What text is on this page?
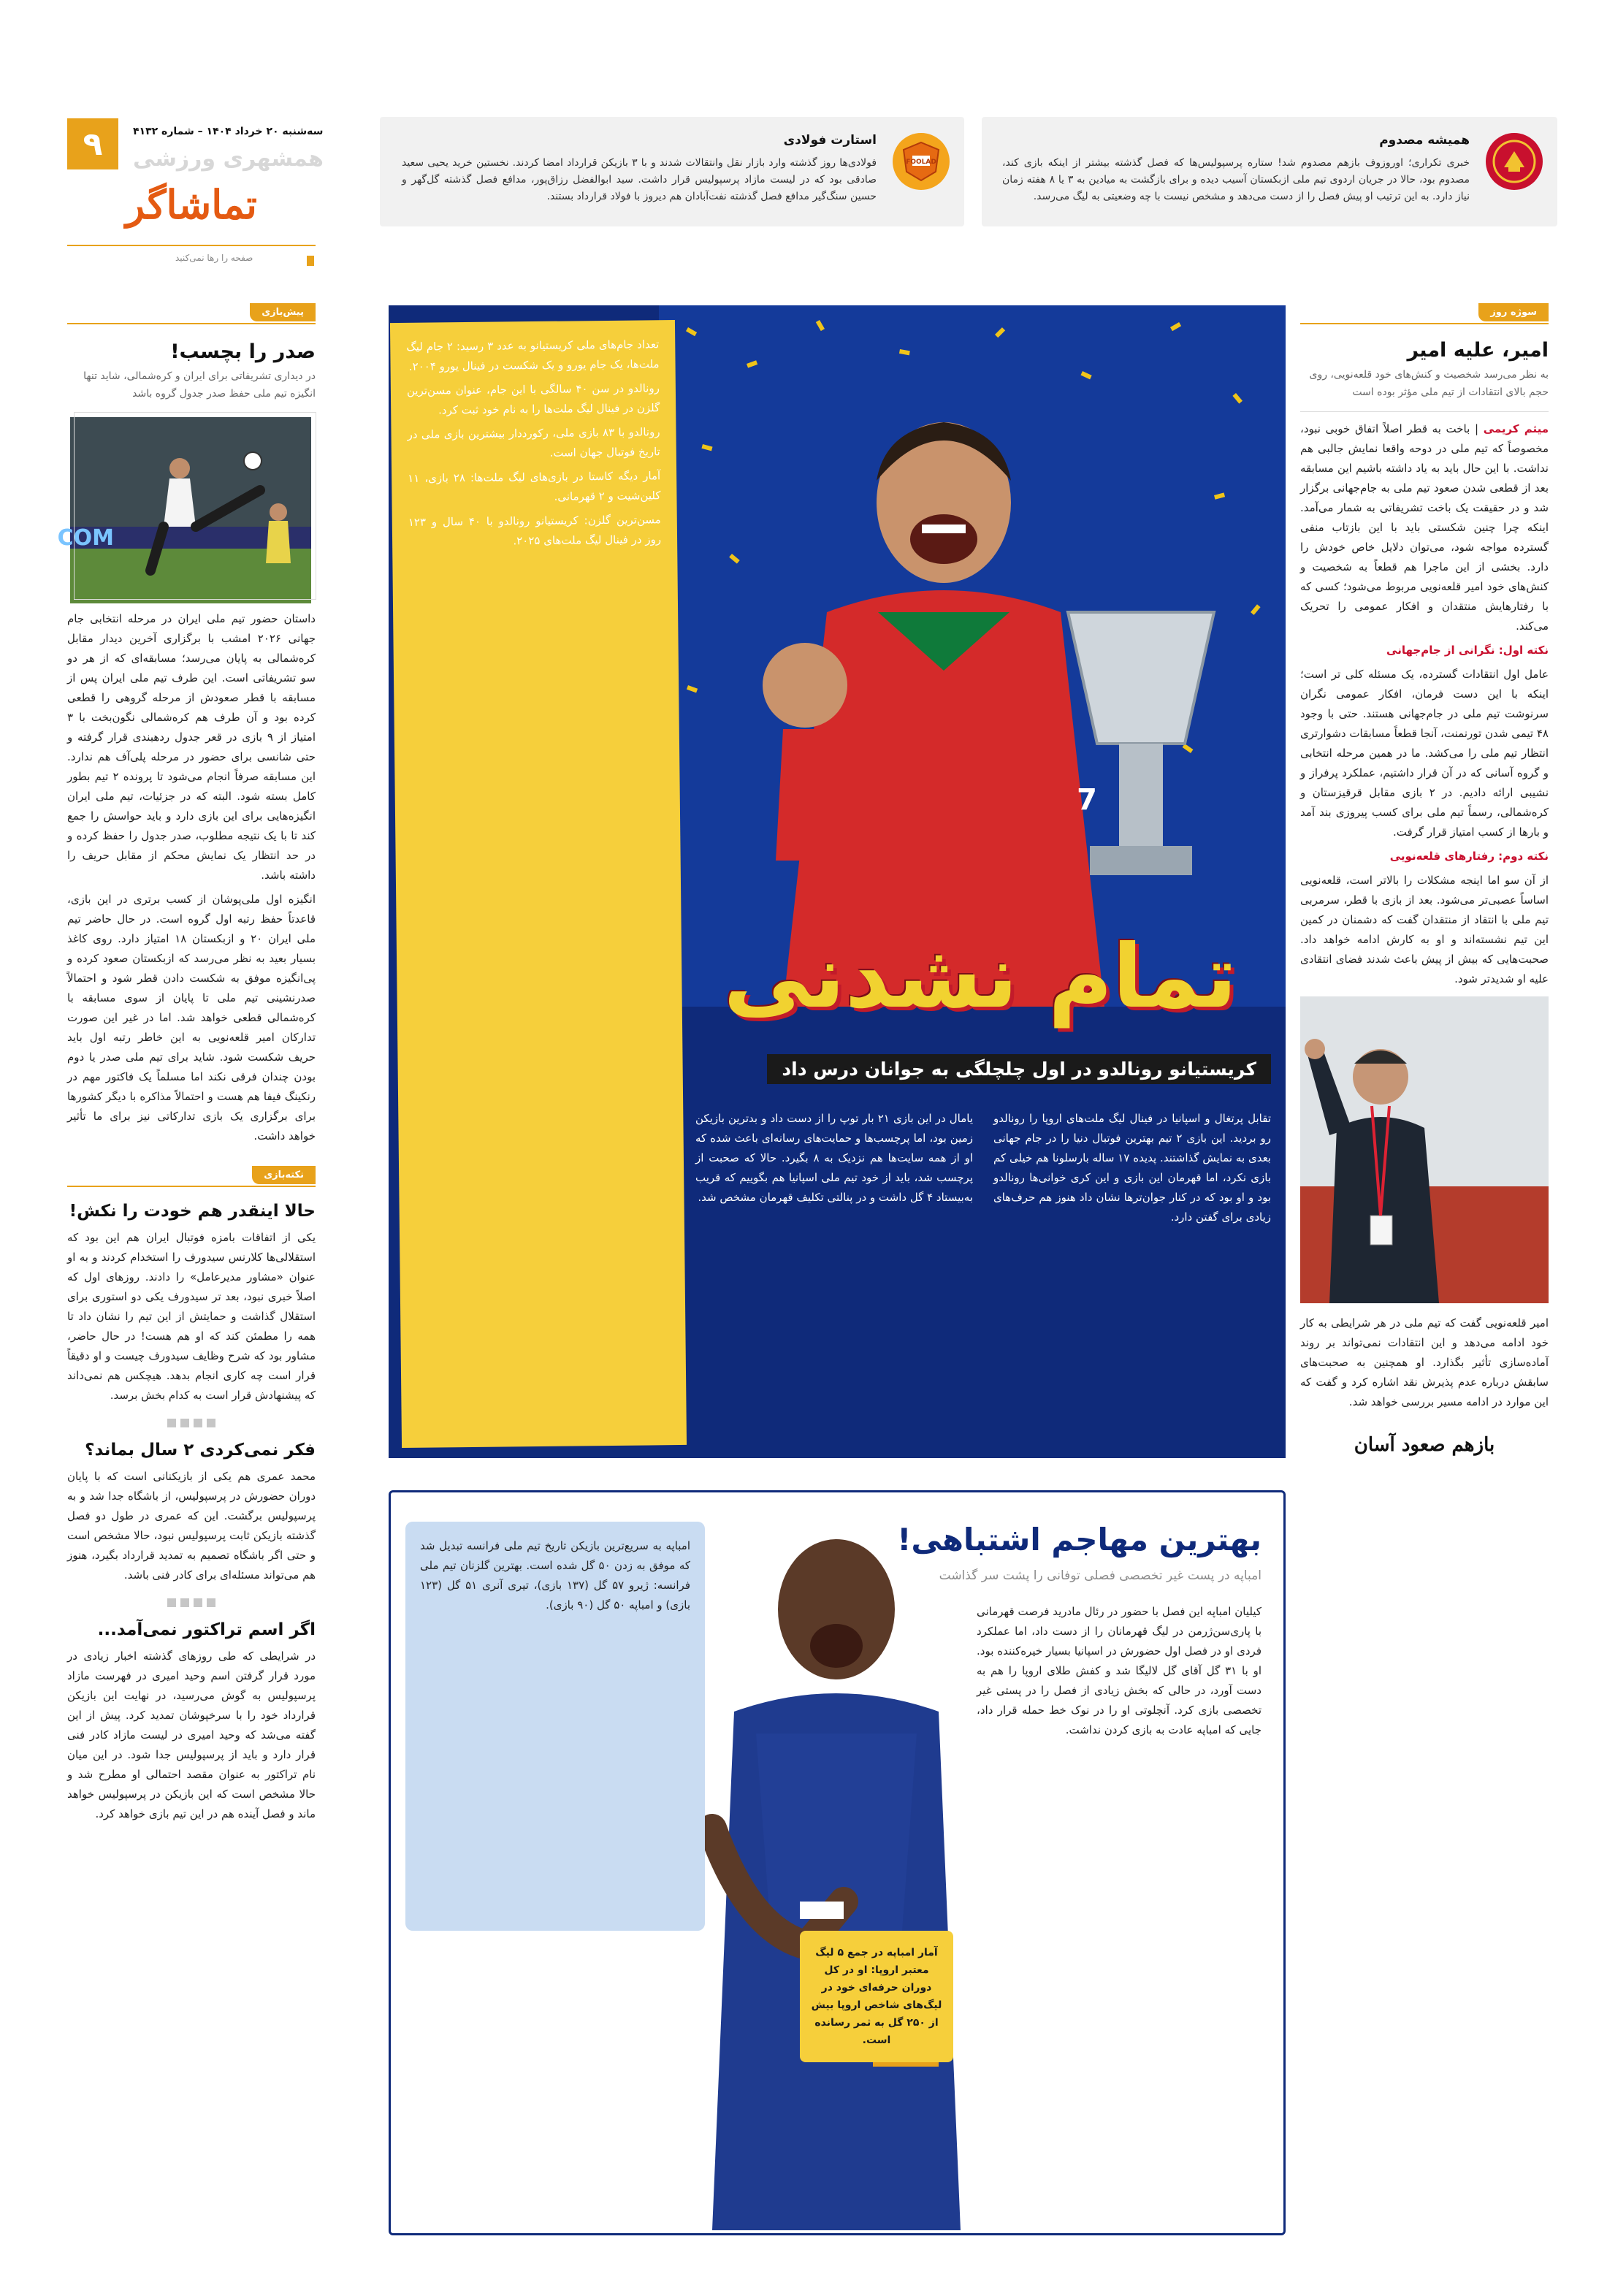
همیشه مصدوم
خبری تکراری؛ اوروزوف بازهم مصدوم شد! ستاره پرسپولیس‌ها که فصل گذشته بیشتر از اینکه بازی کند، مصدوم بود، حالا در جریان اردوی تیم ملی ازبکستان آسیب دیده و برای بازگشت به میادین به ۳ یا ۸ هفته زمان نیاز دارد. به این ترتیب او پیش فصل را از دست می‌دهد و مشخص نیست با چه وضعیتی به لیگ می‌رسد.
FOOLAD
استارت فولادی
فولادی‌ها روز گذشته وارد بازار نقل وانتقالات شدند و با ۳ بازیکن قرارداد امضا کردند. نخستین خرید یحیی سعید صادقی بود که در لیست مازاد پرسپولیس قرار داشت. سید ابوالفضل رزاق‌پور، مدافع فصل گذشته گل‌گهر و حسین سنگ‌گیر مدافع فصل گذشته نفت‌آبادان هم دیروز با فولاد قرارداد بستند.
۹	سه‌شنبه ۲۰ خرداد ۱۴۰۴ – شماره ۴۱۳۲
همشهری ورزشی
تماشاگر
صفحه را رها نمی‌کنید
پیش‌بازی
صدر را بچسب!
در دیداری تشریفاتی برای ایران و کره‌شمالی، شاید تنها انگیزه تیم ملی حفظ صدر جدول گروه باشد
COM

داستان حضور تیم ملی ایران در مرحله انتخابی جام جهانی ۲۰۲۶ امشب با برگزاری آخرین دیدار مقابل کره‌شمالی به پایان می‌رسد؛ مسابقه‌ای که از هر دو سو تشریفاتی است. این طرف تیم ملی ایران پس از مسابقه با قطر صعودش از مرحله گروهی را قطعی کرده بود و آن طرف هم کره‌شمالی نگون‌بخت با ۳ امتیاز از ۹ بازی در قعر جدول ردهبندی قرار گرفته و حتی شانسی برای حضور در مرحله پلی‌آف هم ندارد. این مسابقه صرفاً انجام می‌شود تا پرونده ۲ تیم بطور کامل بسته شود. البته که در جزئیات، تیم ملی ایران انگیزه‌هایی برای این بازی دارد و باید حواسش را جمع کند تا با یک نتیجه مطلوب، صدر جدول را حفظ کرده و در حد انتظار یک نمایش محکم از مقابل حریف را داشته باشد.

انگیزه اول ملی‌پوشان از کسب برتری در این بازی، قاعدتاً حفظ رتبه اول گروه است. در حال حاضر تیم ملی ایران ۲۰ و ازبکستان ۱۸ امتیاز دارد. روی کاغذ بسیار بعید به نظر می‌رسد که ازبکستان صعود کرده و پی‌انگیزه موفق به شکست دادن قطر شود و احتمالاً صدرنشینی تیم ملی تا پایان از سوی مسابقه با کره‌شمالی قطعی خواهد شد. اما در غیر این صورت تدارکان امیر قلعه‌نویی به این خاطر رتبه اول باید حریف شکست شود. شاید برای تیم ملی صدر یا دوم بودن چندان فرقی نکند اما مسلماً یک فاکتور مهم در رنکینگ فیفا هم هست و احتمالاً مذاکره با دیگر کشورها برای برگزاری یک بازی تدارکاتی نیز برای ما تأثیر خواهد داشت.

نکته‌بازی
حالا اینقدر هم خودت را نکش!
یکی از اتفاقات بامزه فوتبال ایران هم این بود که استقلالی‌ها کلارنس سیدورف را استخدام کردند و به او عنوان «مشاور مدیرعامل» را دادند. روزهای اول که اصلاً خبری نبود، بعد تر سیدورف یکی دو استوری برای استقلال گذاشت و حمایتش از این تیم را نشان داد تا همه را مطمئن کند که او هم هست! در حال حاضر، مشاور بود که شرح وظایف سیدورف چیست و او دقیقاً قرار است چه کاری انجام بدهد. هیچکس هم نمی‌داند که پیشنهادش قرار است به کدام بخش برسد.
فکر نمی‌کردی ۲ سال بماند؟
محمد عمری هم یکی از بازیکنانی است که با پایان دوران حضورش در پرسپولیس، از باشگاه جدا شد و به پرسپولیس برگشت. این که عمری در طول دو فصل گذشته بازیکن ثابت پرسپولیس نبود، حالا مشخص است و حتی اگر باشگاه تصمیم به تمدید قرارداد بگیرد، هنوز هم می‌تواند مسئله‌ای برای کادر فنی باشد.
اگر اسم تراکتور نمی‌آمد...
در شرایطی که طی روزهای گذشته اخبار زیادی در مورد قرار گرفتن اسم وحید امیری در فهرست مازاد پرسپولیس به گوش می‌رسید، در نهایت این بازیکن قرارداد خود را با سرخپوشان تمدید کرد. پیش از این گفته می‌شد که وحید امیری در لیست مازاد کادر فنی قرار دارد و باید از پرسپولیس جدا شود. در این میان نام تراکتور به عنوان مقصد احتمالی او مطرح شد و حالا مشخص است که این بازیکن در پرسپولیس خواهد ماند و فصل آینده هم در این تیم بازی خواهد کرد.
سوژه روز
امیر، علیه امیر
به نظر می‌رسد شخصیت و کنش‌های خود قلعه‌نویی، روی حجم بالای انتقادات از تیم ملی مؤثر بوده است

میثم کریمی | باخت به قطر اصلاً اتفاق خوبی نبود، مخصوصاً که تیم ملی در دوحه واقعا نمایش جالبی هم نداشت. با این حال باید به یاد داشته باشیم این مسابقه بعد از قطعی شدن صعود تیم ملی به جام‌جهانی برگزار شد و در حقیقت یک باخت تشریفاتی به شمار می‌آمد. اینکه چرا چنین شکستی باید با این بازتاب منفی گسترده مواجه شود، می‌توان دلایل خاص خودش را دارد. بخشی از این ماجرا هم قطعاً به شخصیت و کنش‌های خود امیر قلعه‌نویی مربوط می‌شود؛ کسی که با رفتارهایش منتقدان و افکار عمومی را تحریک می‌کند.

نکته اول: نگرانی از جام‌جهانی

عامل اول انتقادات گسترده، یک مسئله کلی تر است؛ اینکه با این دست فرمان، افکار عمومی نگران سرنوشت تیم ملی در جام‌جهانی هستند. حتی با وجود ۴۸ تیمی شدن تورنمنت، آنجا قطعاً مسابقات دشوارتری انتظار تیم ملی را می‌کشد. ما در همین مرحله انتخابی و گروه آسانی که در آن قرار داشتیم، عملکرد پرفراز و نشیبی ارائه دادیم. در ۲ بازی مقابل قرقیزستان و کره‌شمالی، رسماً تیم ملی برای کسب پیروزی بند آمد و بارها از کسب امتیاز قرار گرفت.

نکته دوم: رفتارهای قلعه‌نویی

از آن سو اما اینجه مشکلات را بالاتر است، قلعه‌نویی اساساً عصبی‌تر می‌شود. بعد از بازی با قطر، سرمربی تیم ملی با انتقاد از منتقدان گفت که دشمنان در کمین این تیم نشسته‌اند و او به کارش ادامه خواهد داد. صحبت‌هایی که بیش از پیش باعث شدند فضای انتقادی علیه او شدیدتر شود.

امیر قلعه‌نویی گفت که تیم ملی در هر شرایطی به کار خود ادامه می‌دهد و این انتقادات نمی‌تواند بر روند آماده‌سازی تأثیر بگذارد. او همچنین به صحبت‌های سابقش درباره عدم پذیرش نقد اشاره کرد و گفت که این موارد در ادامه مسیر بررسی خواهد شد.
بازهم صعود آسان
7

تعداد جام‌های ملی کریستیانو به عدد ۳ رسید: ۲ جام لیگ ملت‌ها، یک جام یورو و یک شکست در فینال یورو ۲۰۰۴.

رونالدو در سن ۴۰ سالگی با این جام، عنوان مسن‌ترین گلزن در فینال لیگ ملت‌ها را به نام خود ثبت کرد.

رونالدو با ۸۳ بازی ملی، رکورددار بیشترین بازی ملی در تاریخ فوتبال جهان است.

آمار دیگه کاستا در بازی‌های لیگ ملت‌ها: ۲۸ بازی، ۱۱ کلین‌شیت و ۲ قهرمانی.

مسن‌ترین گلزن: کریستیانو رونالدو با ۴۰ سال و ۱۲۳ روز در فینال لیگ ملت‌های ۲۰۲۵.

تمام نشدنی
کریستیانو رونالدو در اول چلچلگی به جوانان درس داد
تقابل پرتغال و اسپانیا در فینال لیگ ملت‌های اروپا را رونالدو رو بردید. این بازی ۲ تیم بهترین فوتبال دنیا را در جام جهانی بعدی به نمایش گذاشتند. پدیده ۱۷ ساله بارسلونا هم خیلی کم بازی نکرد، اما قهرمان این بازی و این کری خوانی‌ها رونالدو بود و او بود که در کنار جوان‌ترها نشان داد هنوز هم حرف‌های زیادی برای گفتن دارد.
یامال در این بازی ۲۱ بار توپ را از دست داد و بدترین بازیکن زمین بود، اما پرچسب‌ها و حمایت‌های رسانه‌ای باعث شده که او از همه سایت‌ها هم نزدیک به ۸ بگیرد. حالا که صحبت از پرچسب شد، باید از خود تیم ملی اسپانیا هم بگوییم که قریب به‌بیستاد ۴ گل داشت و در پنالتی تکلیف قهرمان مشخص شد.
بهترین مهاجم اشتباهی!
امباپه در پست غیر تخصصی فصلی توفانی را پشت سر گذاشت
کیلیان امباپه این فصل با حضور در رئال مادرید فرصت قهرمانی با پاری‌سن‌ژرمن در لیگ قهرمانان را از دست داد، اما عملکرد فردی او در فصل اول حضورش در اسپانیا بسیار خیره‌کننده بود. او با ۳۱ گل آقای گل لالیگا شد و کفش طلای اروپا را هم به دست آورد، در حالی که بخش زیادی از فصل را در پستی غیر تخصصی بازی کرد. آنچلوتی او را در نوک خط حمله قرار داد، جایی که امباپه عادت به بازی کردن نداشت.
امباپه به سریع‌ترین بازیکن تاریخ تیم ملی فرانسه تبدیل شد که موفق به زدن ۵۰ گل شده است. بهترین گلزنان تیم ملی فرانسه: ژیرو ۵۷ گل (۱۳۷ بازی)، تیری آنری ۵۱ گل (۱۲۳ بازی) و امباپه ۵۰ گل (۹۰ بازی).
آمار امباپه در جمع ۵ لیگ معتبر اروپا: او در کل دوران حرفه‌ای خود در لیگ‌های شاخص اروپا بیش از ۲۵۰ گل به ثمر رسانده است.
